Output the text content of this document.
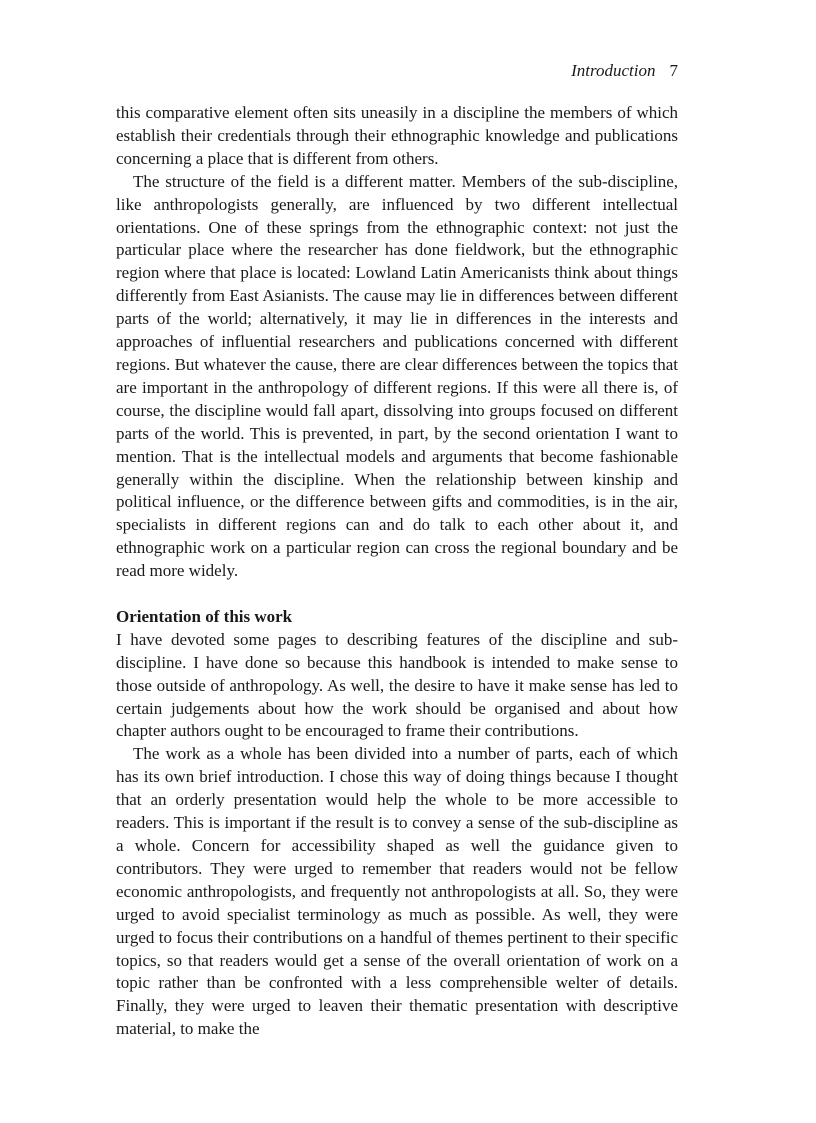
Introduction 7

this comparative element often sits uneasily in a discipline the members of which establish their credentials through their ethnographic knowledge and publications concerning a place that is different from others.

The structure of the field is a different matter. Members of the sub-discipline, like anthropologists generally, are influenced by two different intellectual orientations. One of these springs from the ethnographic context: not just the particular place where the researcher has done fieldwork, but the ethnographic region where that place is located: Lowland Latin Americanists think about things differently from East Asianists. The cause may lie in differences between different parts of the world; alternatively, it may lie in differences in the interests and approaches of influential researchers and publications concerned with different regions. But whatever the cause, there are clear differences between the topics that are important in the anthropology of different regions. If this were all there is, of course, the discipline would fall apart, dissolving into groups focused on different parts of the world. This is prevented, in part, by the second orientation I want to mention. That is the intellectual models and arguments that become fashionable generally within the discipline. When the relationship between kinship and political influence, or the difference between gifts and commodities, is in the air, specialists in different regions can and do talk to each other about it, and ethnographic work on a particular region can cross the regional boundary and be read more widely.

Orientation of this work

I have devoted some pages to describing features of the discipline and sub-discipline. I have done so because this handbook is intended to make sense to those outside of anthropology. As well, the desire to have it make sense has led to certain judgements about how the work should be organised and about how chapter authors ought to be encouraged to frame their contributions.

The work as a whole has been divided into a number of parts, each of which has its own brief introduction. I chose this way of doing things because I thought that an orderly presentation would help the whole to be more accessible to readers. This is important if the result is to convey a sense of the sub-discipline as a whole. Concern for accessibility shaped as well the guidance given to contributors. They were urged to remember that readers would not be fellow economic anthropologists, and frequently not anthropologists at all. So, they were urged to avoid specialist terminology as much as possible. As well, they were urged to focus their contributions on a handful of themes pertinent to their specific topics, so that readers would get a sense of the overall orientation of work on a topic rather than be confronted with a less comprehensible welter of details. Finally, they were urged to leaven their thematic presentation with descriptive material, to make the
